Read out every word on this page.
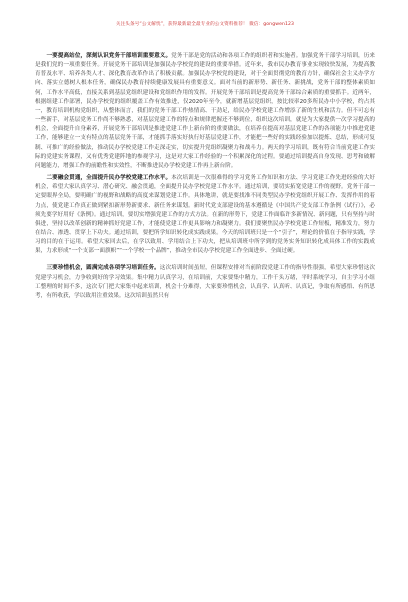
关注头条号“公文解忧”，获得最新最全最专业的公文资料推荐！ 微信：gongwen123

一要提高站位，深刻认识党务干部培训重要意义。党务干部是党的活动和各项工作的组织者和实施者。加强党务干部学习培训，历来是我们党的一项重要任务。开展党务干部培训是加强民办学校党的建设的重要举措。近年来，我市民办教育事业实现较快发展，为提高教育普及水平、培养各类人才、深化教育改革作出了积极贡献。加强民办学校党的建设，对于全面贯彻党的教育方针，确保社会主义办学方向、落实立德树人根本任务，确保民办教育持续健康发展具有重要意义。面对当前的新形势、新任务、新挑战，党务干部的整体素质如何，工作水平高低，直接关系到基层党组织建设和党组织作用的发挥。开展党务干部培训是提高党务干部综合素质的重要抓手。近两年，根据组建工作部署，民办学校党的组织覆盖工作有效推进，仅2020年至今，就新增基层党组织，按比较率20多所民办中小学校，约占其一，教育培训机构党组织，从整体而言，我们的党务干部工作热情高、干劲足，给民办学校党建工作增添了新的生机和活力。但不可忘有一些新手，对基层党务工作尚不够熟悉，对基层党建工作的特点和规律把握还不够到位，组织这次培训，就是为大家提供一次学习提高的机会，全面提升自身素养，开展党务干部培训是推进党建工作上新台阶的重要做法，在培养在提高对基层党建工作的各项能力中推进党建工作，能够建立一支有特点的基层党务干部，才能抓手落实好执行好基层党建工作，才能把一些好的实践经验加以提炼、总结，形成可复制、可推广的经验做法，推动民办学校党建工作走深走实，切实提升党组织凝聚力和战斗力。两天的学习培训，既有符合当前党建工作实际的党建实务课程，又有优秀党建阵地的参观学习，这是对大家工作经验的一个积累深化的过程。要通过培训提高自身发现、思考和破解问题能力，增强工作的前瞻性和实效性，不断推进民办学校党建工作再上新台阶。

二要融会贯通，全面提升民办学校党建工作水平。本次培训是一次很难得的学习党务工作知识和方法、学习党建工作先进经验的大好机会，希望大家认真学习、潜心研究、融会贯通，全面提升民办学校党建工作水平。通过培训，要切实拓宽党建工作的视野。党务干部一定要眼界全局，要明确广的视野和战略的高度来谋划党建工作。具体地讲，就是要找准不同类型民办学校党组织开展工作、发挥作用的着力点，使党建工作真正做到紧扣新形势新要求、新任务来谋划。新时代党支部建设的基本遵循是《中国共产党支部工作条例（试行）》，必须先要学好用好《条例》。通过培训，要切实增强党建工作的方式方法。在新的形势下，党建工作面临许多新情况、新问题，只有坚持与时俱进，坚持以改革创新的精神抓好党建工作，才能使党建工作更具影响力和凝聚力。我们要聚焦民办学校党建工作短板，精准发力，努力在结合、渗透、贯穿上下功夫。通过培训，要把所学知识转化成实践成果。今天的培训班只是一个“引子”，理论的价值在于指导实践，学习的目的在于运用。希望大家回去后，在学以致用、学用结合上下功夫，把从培训班中所学到的党务实务知识转化成具体工作的实践成果，力求形成“一个支部一面旗帜”“一个学校一个品牌”，推动全市民办学校党建工作全面进步、全面过硬。

三要珍惜机会，圆满完成各项学习培训任务。这次培训时间虽短，但课程安排对当前阶段党建工作的指导性很强，希望大家珍惜这次党建学习机会，力争收到好的学习效果。集中精力认真学习，在培训前，大家要集中精力，工作千头万绪，平时系统学习，自主学习小组工整理的时间不多，这次专门把大家集中起来培训，机会十分难得，大家要珍惜机会，认真学、认真听、认真记，争取有所感悟、有所思考，有所收获，学以致用注重效果。这次培训虽然只有
